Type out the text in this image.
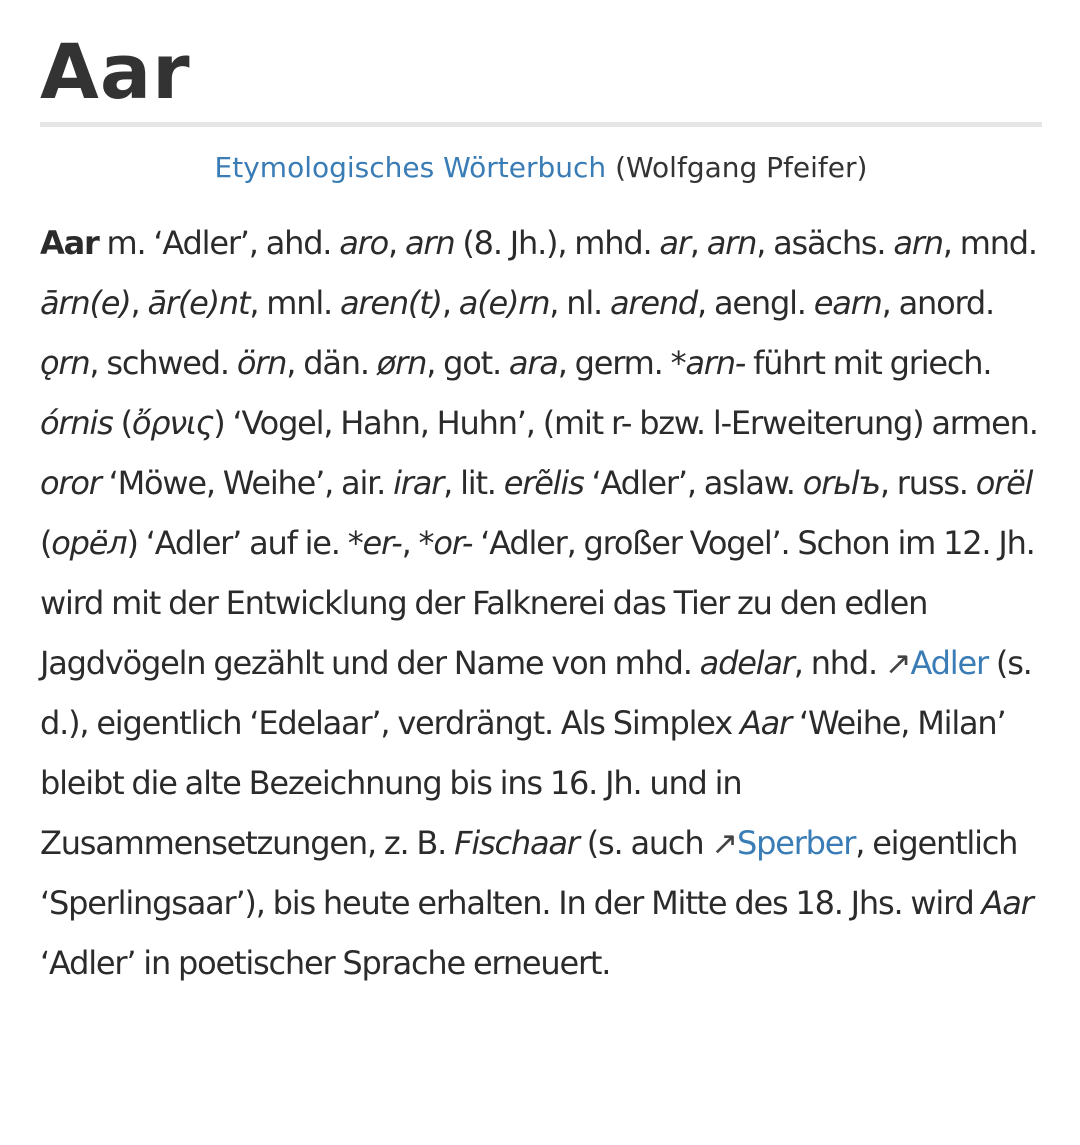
Aar
Etymologisches Wörterbuch (Wolfgang Pfeifer)

Aar m. ‘Adler’, ahd. aro, arn (8. Jh.), mhd. ar, arn, asächs. arn, mnd. ārn(e), ār(e)nt, mnl. aren(t), a(e)rn, nl. arend, aengl. earn, anord. ǫrn, schwed. örn, dän. ørn, got. ara, germ. *arn- führt mit griech. órnis (ὄρνις) ‘Vogel, Hahn, Huhn’, (mit r- bzw. l-Erweiterung) armen. oror ‘Möwe, Weihe’, air. irar, lit. erẽlis ‘Adler’, aslaw. orьlъ, russ. orël (орёл) ‘Adler’ auf ie. *er-, *or- ‘Adler, großer Vogel’. Schon im 12. Jh. wird mit der Entwicklung der Falknerei das Tier zu den edlen Jagdvögeln gezählt und der Name von mhd. adelar, nhd. ↗Adler (s. d.), eigentlich ‘Edelaar’, verdrängt. Als Simplex Aar ‘Weihe, Milan’ bleibt die alte Bezeichnung bis ins 16. Jh. und in Zusammensetzungen, z. B. Fischaar (s. auch ↗Sperber, eigentlich ‘Sperlingsaar’), bis heute erhalten. In der Mitte des 18. Jhs. wird Aar ‘Adler’ in poetischer Sprache erneuert.
